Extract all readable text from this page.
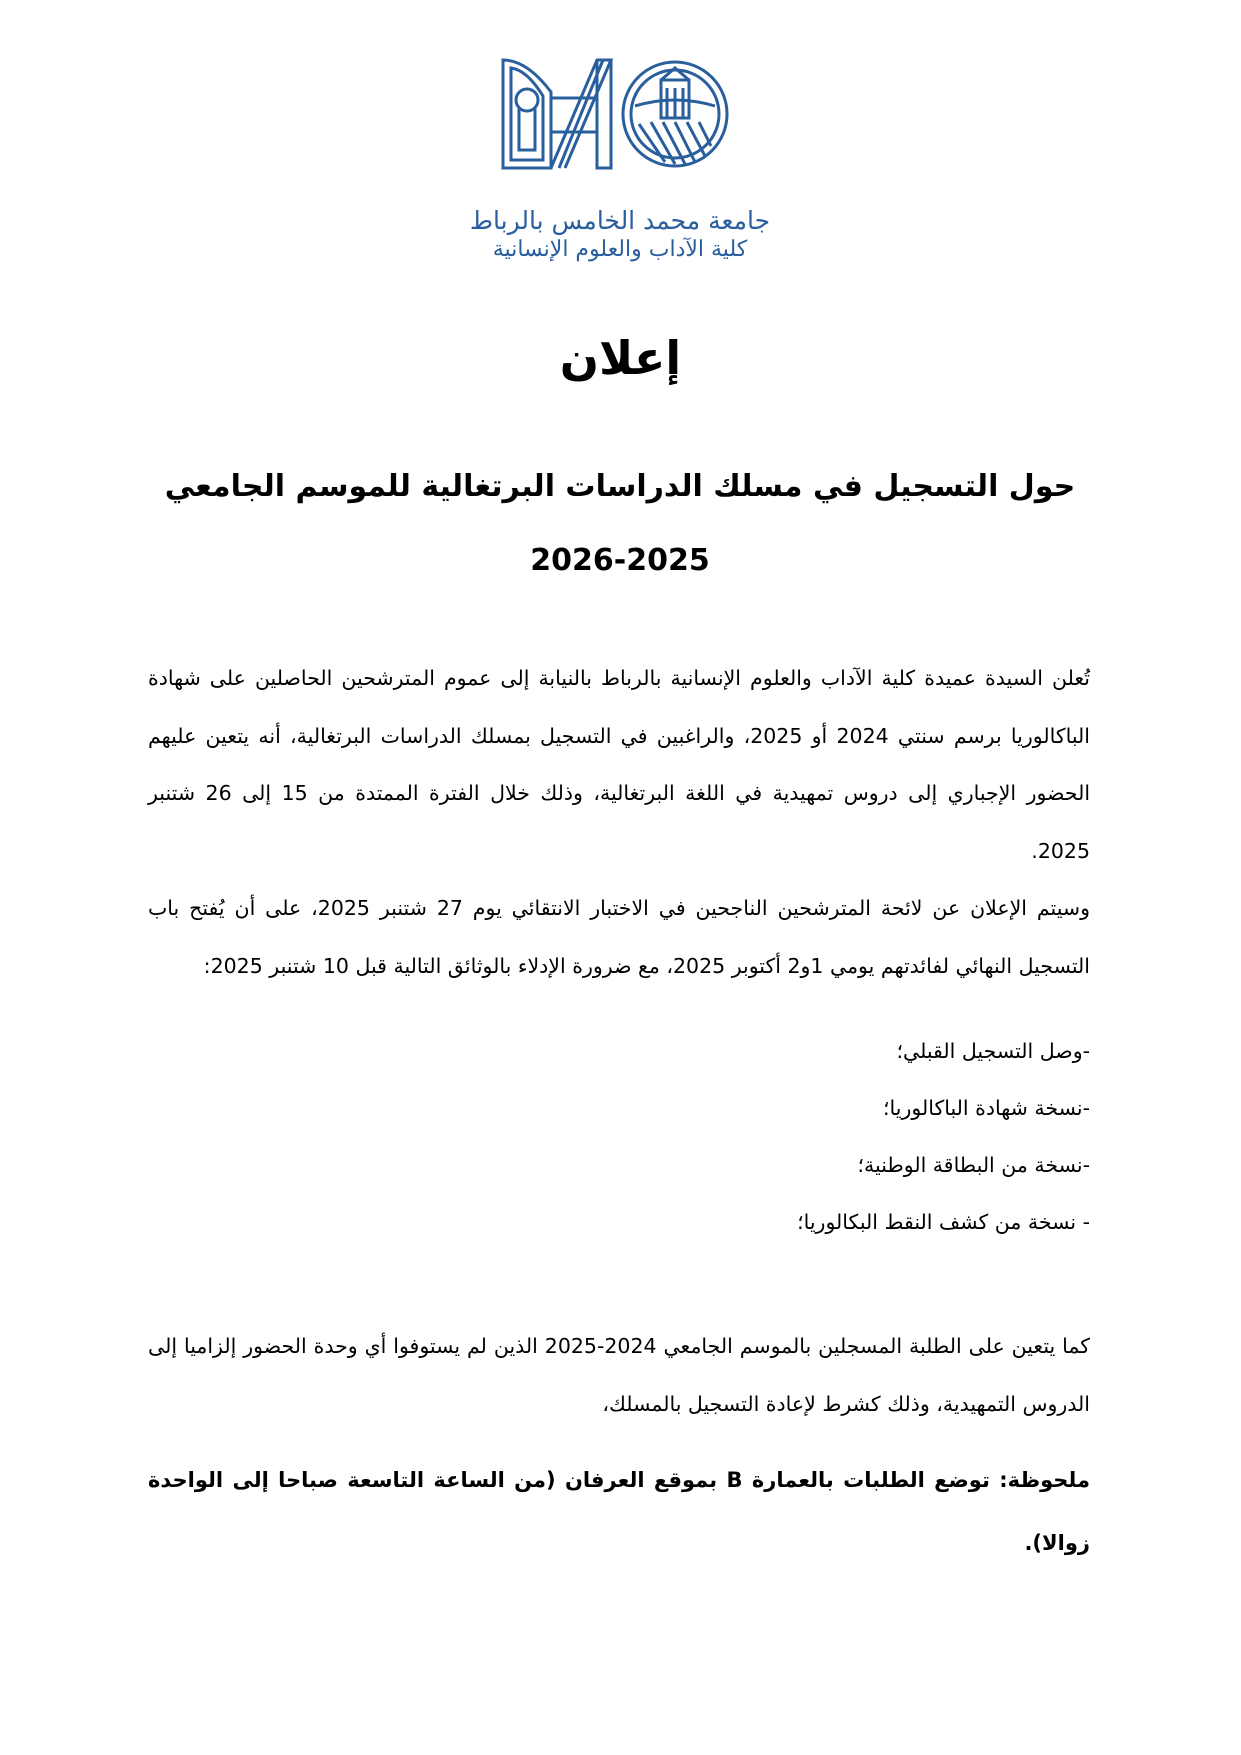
جامعة محمد الخامس بالرباط
كلية الآداب والعلوم الإنسانية
إعلان
حول التسجيل في مسلك الدراسات البرتغالية للموسم الجامعي 2025-2026

تُعلن السيدة عميدة كلية الآداب والعلوم الإنسانية بالرباط بالنيابة إلى عموم المترشحين الحاصلين على شهادة الباكالوريا برسم سنتي 2024 أو 2025، والراغبين في التسجيل بمسلك الدراسات البرتغالية، أنه يتعين عليهم الحضور الإجباري إلى دروس تمهيدية في اللغة البرتغالية، وذلك خلال الفترة الممتدة من 15 إلى 26 شتنبر 2025.

وسيتم الإعلان عن لائحة المترشحين الناجحين في الاختبار الانتقائي يوم 27 شتنبر 2025، على أن يُفتح باب التسجيل النهائي لفائدتهم يومي 1و2 أكتوبر 2025، مع ضرورة الإدلاء بالوثائق التالية قبل 10 شتنبر 2025:

-وصل التسجيل القبلي؛
-نسخة شهادة الباكالوريا؛
-نسخة من البطاقة الوطنية؛
- نسخة من كشف النقط البكالوريا؛

كما يتعين على الطلبة المسجلين بالموسم الجامعي 2024-2025 الذين لم يستوفوا أي وحدة الحضور إلزاميا إلى الدروس التمهيدية، وذلك كشرط لإعادة التسجيل بالمسلك،

ملحوظة: توضع الطلبات بالعمارة B بموقع العرفان (من الساعة التاسعة صباحا إلى الواحدة زوالا).
